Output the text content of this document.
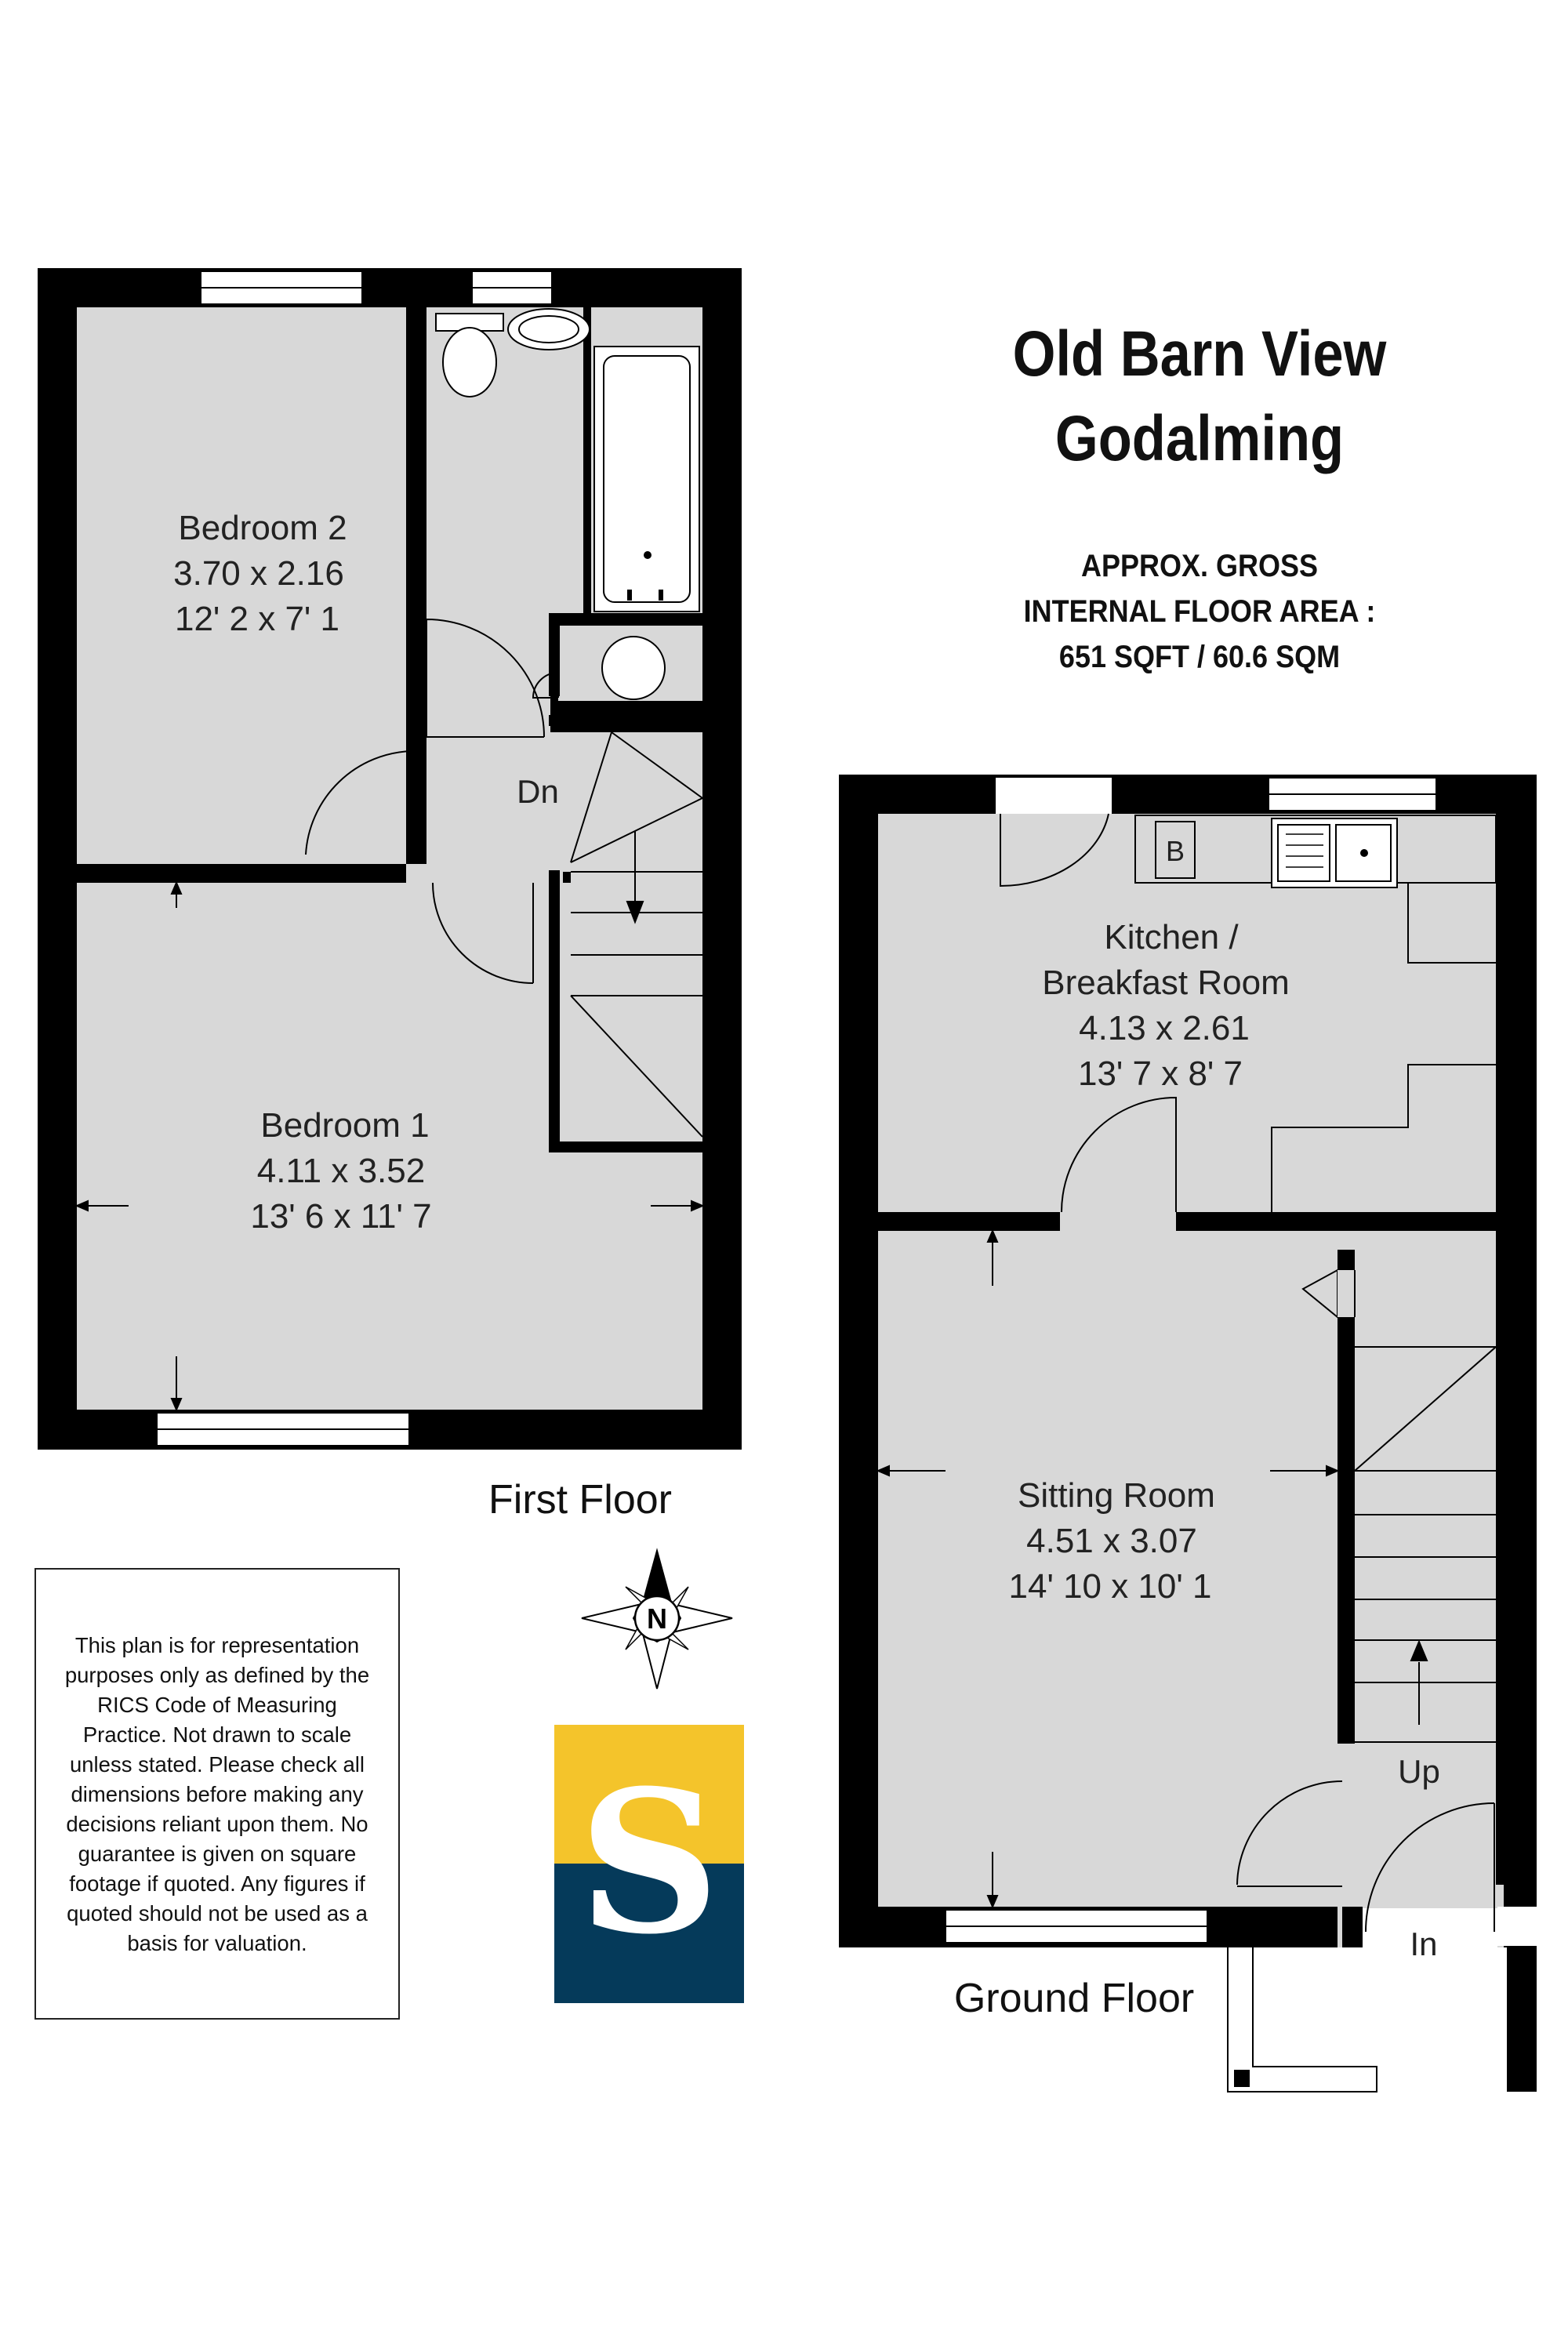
Bedroom 2
3.70 x 2.16
12' 2 x 7' 1
Bedroom 1
4.11 x 3.52
13' 6 x 11' 7
Dn
First Floor
B
Kitchen /
Breakfast Room
4.13 x 2.61
13' 7 x 8' 7
Sitting Room
4.51 x 3.07
14' 10 x 10' 1
Up
In
Ground Floor
N
Old Barn View
Godalming
APPROX. GROSS
INTERNAL FLOOR AREA :
651 SQFT / 60.6 SQM

This plan is for representation purposes only as defined by the RICS Code of Measuring Practice. Not drawn to scale unless stated. Please check all dimensions before making any decisions reliant upon them. No guarantee is given on square footage if quoted. Any figures if quoted should not be used as a basis for valuation.	S
